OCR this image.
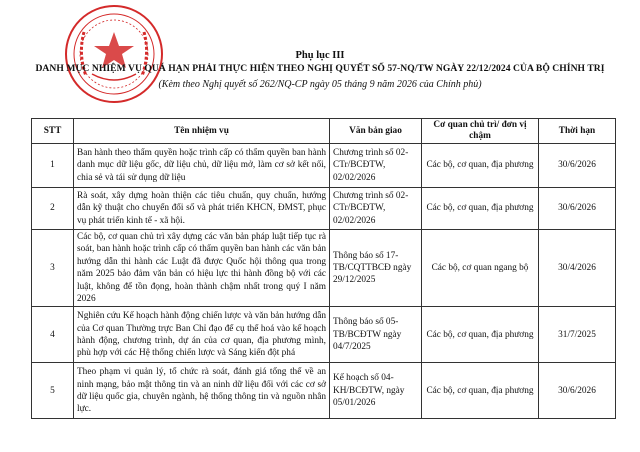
Phụ lục III
DANH MỤC NHIỆM VỤ QUÁ HẠN PHẢI THỰC HIỆN THEO NGHỊ QUYẾT SỐ 57-NQ/TW NGÀY 22/12/2024 CỦA BỘ CHÍNH TRỊ
(Kèm theo Nghị quyết số 262/NQ-CP ngày 05 tháng 9 năm 2026 của Chính phủ)
STT	Tên nhiệm vụ	Văn bản giao	Cơ quan chủ trì/ đơn vị chậm	Thời hạn
1	Ban hành theo thẩm quyền hoặc trình cấp có thẩm quyền ban hành danh mục dữ liệu gốc, dữ liệu chủ, dữ liệu mở, làm cơ sở kết nối, chia sẻ và tái sử dụng dữ liệu	Chương trình số 02-CTr/BCĐTW, 02/02/2026	Các bộ, cơ quan, địa phương	30/6/2026
2	Rà soát, xây dựng hoàn thiện các tiêu chuẩn, quy chuẩn, hướng dẫn kỹ thuật cho chuyển đổi số và phát triển KHCN, ĐMST, phục vụ phát triển kinh tế - xã hội.	Chương trình số 02-CTr/BCĐTW, 02/02/2026	Các bộ, cơ quan, địa phương	30/6/2026
3	Các bộ, cơ quan chủ trì xây dựng các văn bản pháp luật tiếp tục rà soát, ban hành hoặc trình cấp có thẩm quyền ban hành các văn bản hướng dẫn thi hành các Luật đã được Quốc hội thông qua trong năm 2025 bảo đảm văn bản có hiệu lực thi hành đồng bộ với các luật, không để tồn đọng, hoàn thành chậm nhất trong quý I năm 2026	Thông báo số 17-TB/CQTTBCĐ ngày 29/12/2025	Các bộ, cơ quan ngang bộ	30/4/2026
4	Nghiên cứu Kế hoạch hành động chiến lược và văn bản hướng dẫn của Cơ quan Thường trực Ban Chỉ đạo để cụ thể hoá vào kế hoạch hành động, chương trình, dự án của cơ quan, địa phương mình, phù hợp với các Hệ thống chiến lược và Sáng kiến đột phá	Thông báo số 05-TB/BCĐTW ngày 04/7/2025	Các bộ, cơ quan, địa phương	31/7/2025
5	Theo phạm vi quản lý, tổ chức rà soát, đánh giá tổng thể về an ninh mạng, bảo mật thông tin và an ninh dữ liệu đối với các cơ sở dữ liệu quốc gia, chuyên ngành, hệ thống thông tin và nguồn nhân lực.	Kế hoạch số 04-KH/BCĐTW, ngày 05/01/2026	Các bộ, cơ quan, địa phương	30/6/2026
